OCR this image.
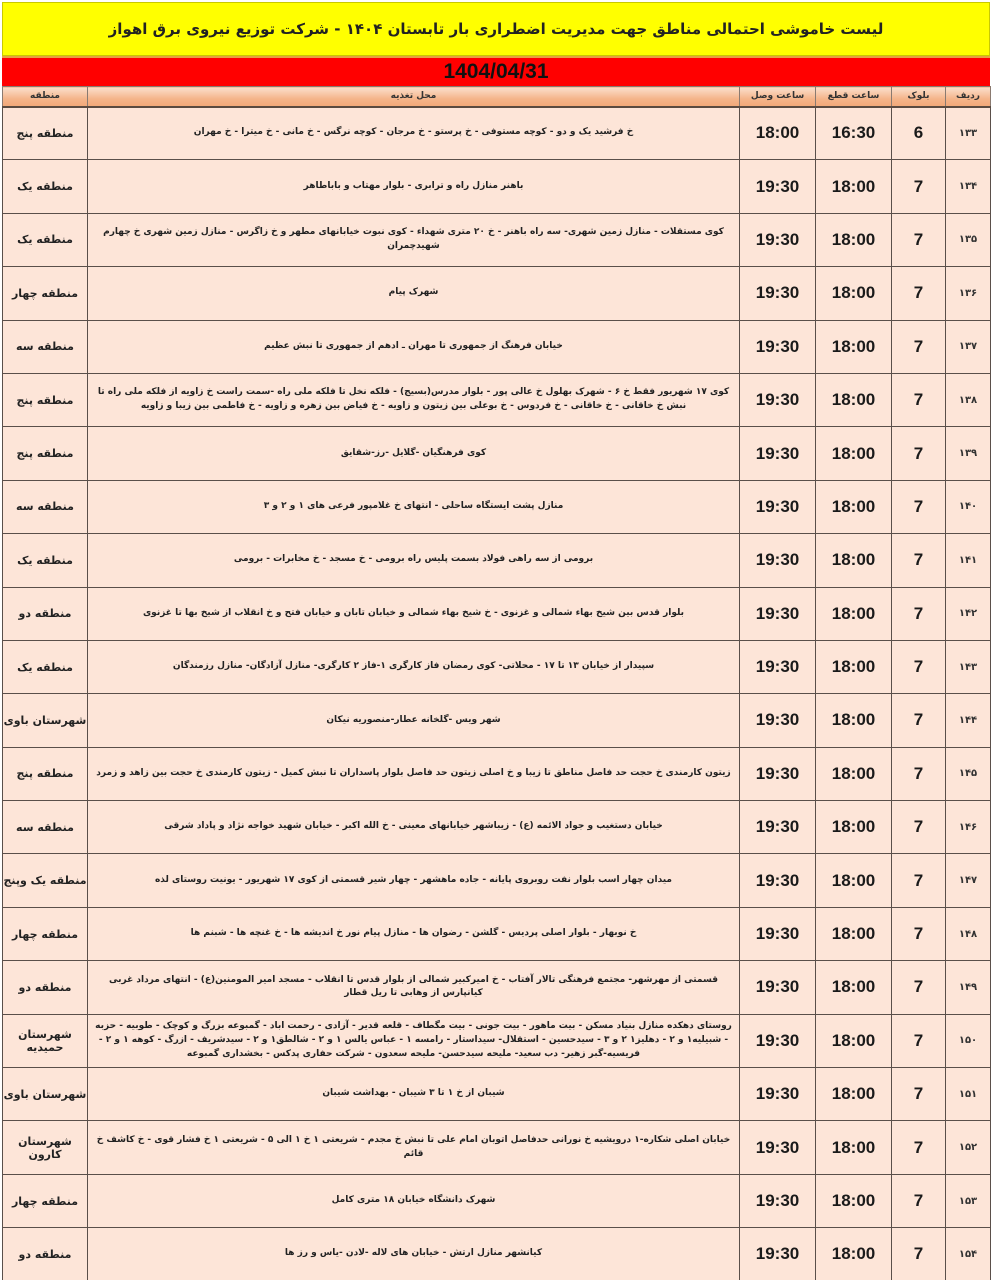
لیست خاموشی احتمالی مناطق جهت مدیریت اضطراری بار تابستان ۱۴۰۴ - شرکت توزیع نیروی برق اهواز
1404/04/31
ردیف	بلوک	ساعت قطع	ساعت وصل	محل تغذیه	منطقه
۱۳۳	6	16:30	18:00	خ فرشید یک و دو - کوچه مستوفی - خ پرستو - خ مرجان - کوچه نرگس - خ مانی - خ میترا - خ مهران	منطقه پنج
۱۳۴	7	18:00	19:30	باهنر منازل راه و ترابری - بلوار مهتاب و باباطاهر	منطقه یک
۱۳۵	7	18:00	19:30	کوی مستقلات - منازل زمین شهری- سه راه باهنر - خ ۲۰ متری شهداء - کوی نبوت خیابانهای مطهر و خ زاگرس - منازل زمین شهری خ چهارم شهیدچمران	منطقه یک
۱۳۶	7	18:00	19:30	شهرک پیام	منطقه چهار
۱۳۷	7	18:00	19:30	خیابان فرهنگ از جمهوری تا مهران ـ ادهم از جمهوری تا نبش عظیم	منطقه سه
۱۳۸	7	18:00	19:30	کوی ۱۷ شهریور فقط خ ۶ - شهرک بهلول خ عالی پور - بلوار مدرس(بسیج) - فلکه نخل تا فلکه ملی راه -سمت راست خ زاویه از فلکه ملی راه تا نبش خ خاقانی - خ خاقانی - خ فردوس - خ بوعلی بین زیتون و زاویه - خ فیاض بین زهره و زاویه - خ فاطمی بین زیبا و زاویه	منطقه پنج
۱۳۹	7	18:00	19:30	کوی فرهنگیان -گلایل -رز-شقایق	منطقه پنج
۱۴۰	7	18:00	19:30	منازل پشت ایستگاه ساحلی - انتهای خ غلامپور فرعی های ۱ و ۲ و ۳	منطقه سه
۱۴۱	7	18:00	19:30	برومی از سه راهی فولاد بسمت پلیس راه برومی - خ مسجد - خ مخابرات - برومی	منطقه یک
۱۴۲	7	18:00	19:30	بلوار قدس بین شیخ بهاء شمالی و غزنوی - خ شیخ بهاء شمالی و خیابان تابان و خیابان فتح و خ انقلاب از شیخ بها تا غزنوی	منطقه دو
۱۴۳	7	18:00	19:30	سپیدار از خیابان ۱۳ تا ۱۷ - محلاتی- کوی رمضان فاز کارگری ۱-فاز ۲ کارگری- منازل آزادگان- منازل رزمندگان	منطقه یک
۱۴۴	7	18:00	19:30	شهر ویس -گلخانه عطار-منصوریه نیکان	شهرستان باوی
۱۴۵	7	18:00	19:30	زیتون کارمندی خ حجت حد فاصل مناطق تا زیبا و خ اصلی زیتون حد فاصل بلوار پاسداران تا نبش کمیل - زیتون کارمندی خ حجت بین زاهد و زمرد	منطقه پنج
۱۴۶	7	18:00	19:30	خیابان دستغیب و جواد الائمه (ع) - زیباشهر خیابانهای معینی - خ الله اکبر - خیابان شهید خواجه نژاد و پاداد شرقی	منطقه سه
۱۴۷	7	18:00	19:30	میدان چهار اسب بلوار نفت روبروی پایانه - جاده ماهشهر - چهار شیر قسمتی از کوی ۱۷ شهریور - یونیت روستای لذه	منطقه یک وپنج
۱۴۸	7	18:00	19:30	خ نوبهار - بلوار اصلی پردیس - گلشن - رضوان ها - منازل پیام نور خ اندیشه ها - خ غنچه ها - شبنم ها	منطقه چهار
۱۴۹	7	18:00	19:30	قسمتی از مهرشهر- مجتمع فرهنگی تالار آفتاب - خ امیرکبیر شمالی از بلوار قدس تا انقلاب - مسجد امیر المومنین(ع) - انتهای مرداد غربی کیانپارس از وهابی تا ریل قطار	منطقه دو
۱۵۰	7	18:00	19:30	روستای دهکده منازل بنیاد مسکن - بیت ماهور - بیت جونی - بیت مگطاف - قلعه قدیر - آزادی - رحمت اباد - گمبوعه بزرگ و کوچک - طوبیه - حزبه - شبیلیه۱ و ۲ - دهلیز۱ ۲ و ۳ - سیدحسین - استقلال- سیداستار - رامسه ۱ - عباس یالس ۱ و ۲ - شالطق۱ و ۲ - سیدشریف - ازرگ - کوهه ۱ و ۲ - فریسیه-گبر زهیر- دب سعید- ملیحه سیدحسن- ملیحه سعدون - شرکت حفاری پدکس - بخشداری گمبوعه	شهرستان حمیدیه
۱۵۱	7	18:00	19:30	شیبان از خ ۱ تا ۳ شیبان - بهداشت شیبان	شهرستان باوی
۱۵۲	7	18:00	19:30	خیابان اصلی شکاره-۱ درویشیه خ نورانی حدفاصل اتوبان امام علی تا نبش خ مجدم - شریعتی ۱ خ ۱ الی ۵ - شریعتی ۱ خ فشار قوی - خ کاشف خ قائم	شهرستان کارون
۱۵۳	7	18:00	19:30	شهرک دانشگاه خیابان ۱۸ متری کامل	منطقه چهار
۱۵۴	7	18:00	19:30	کیانشهر منازل ارتش - خیابان های لاله -لادن -یاس و رز ها	منطقه دو
